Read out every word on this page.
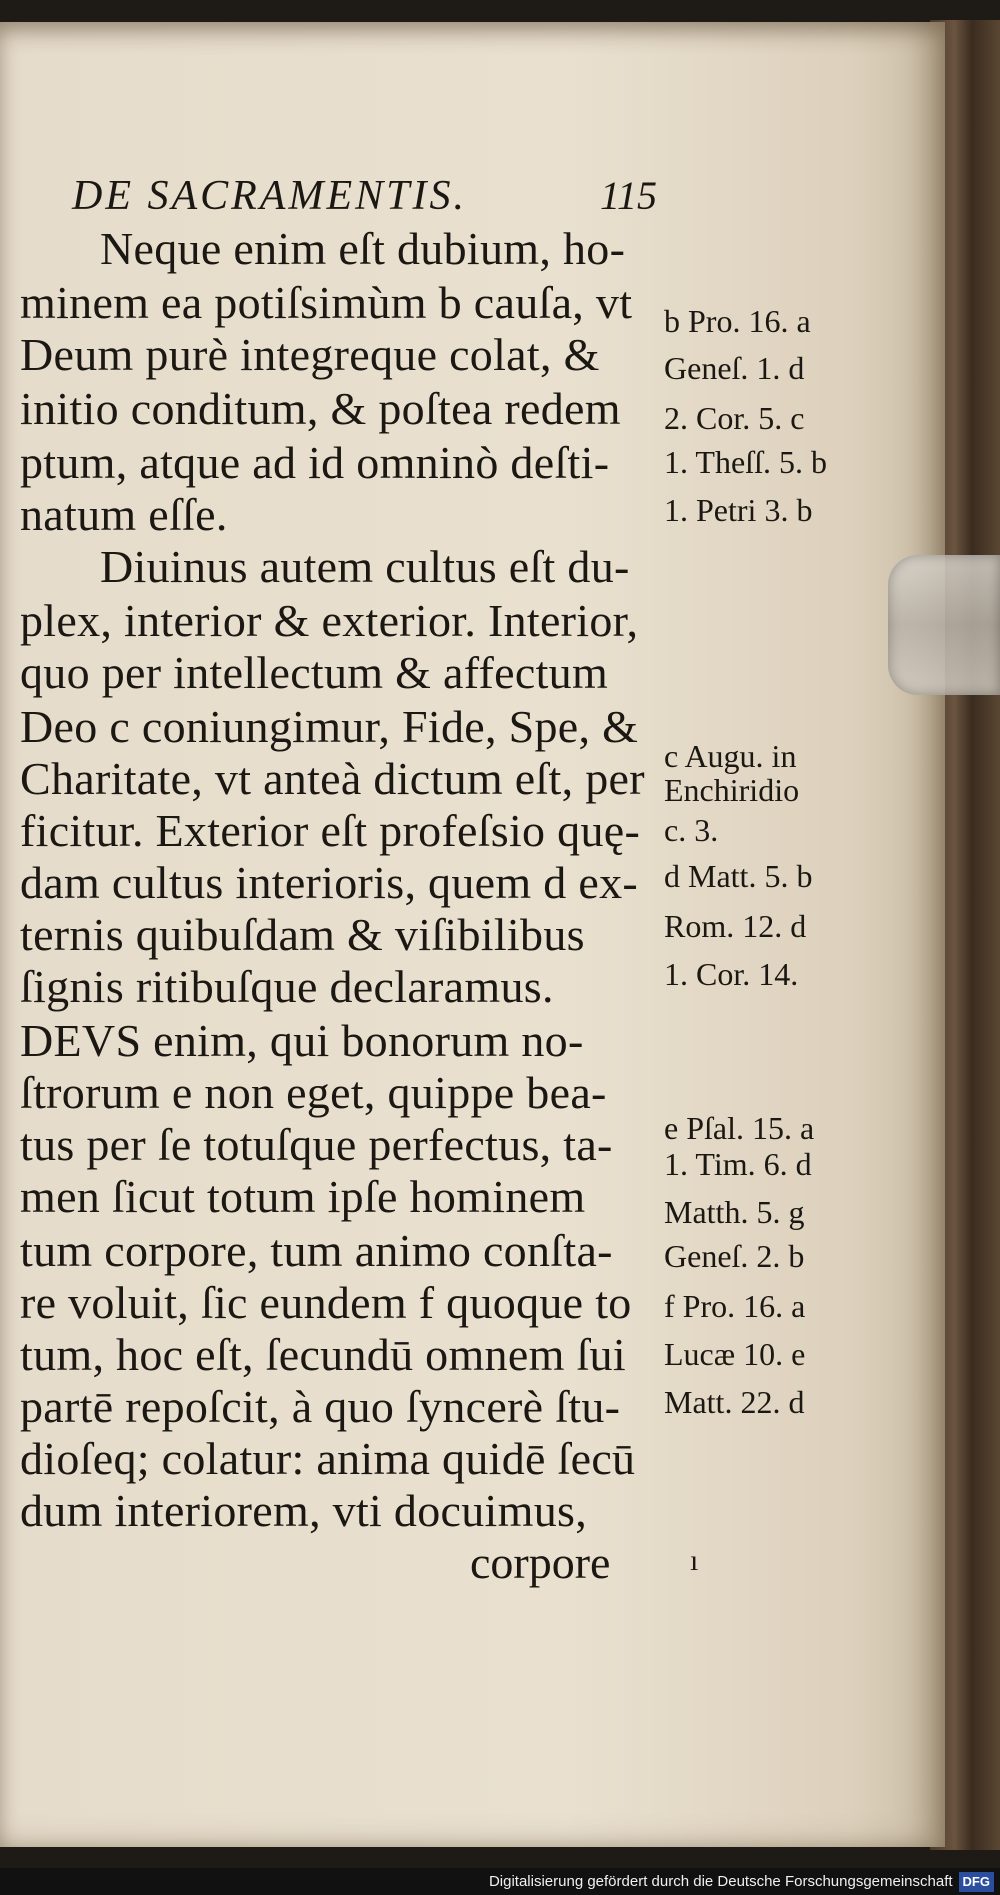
DE SACRAMENTIS.	115
Neque enim eſt dubium, ho-
minem ea potiſsimùm b cauſa, vt
Deum purè integreque colat, &
initio conditum, & poſtea redem
ptum, atque ad id omninò deſti-
natum eſſe.
Diuinus autem cultus eſt du-
plex, interior & exterior. Interior,
quo per intellectum & affectum
Deo c coniungimur, Fide, Spe, &
Charitate, vt anteà dictum eſt, per
ficitur. Exterior eſt profeſsio quę-
dam cultus interioris, quem d ex-
ternis quibuſdam & viſibilibus
ſignis ritibuſque declaramus.
DEVS enim, qui bonorum no-
ſtrorum e non eget, quippe bea-
tus per ſe totuſque perfectus, ta-
men ſicut totum ipſe hominem
tum corpore, tum animo conſta-
re voluit, ſic eundem f quoque to
tum, hoc eſt, ſecundū omnem ſui
partē repoſcit, à quo ſyncerè ſtu-
dioſeq; colatur: anima quidē ſecū
dum interiorem, vti docuimus,
b Pro. 16. a
Geneſ. 1. d
2. Cor. 5. c
1. Theſſ. 5. b
1. Petri 3. b
c Augu. in
Enchiridio
c. 3.
d Matt. 5. b
Rom. 12. d
1. Cor. 14.
e Pſal. 15. a
1. Tim. 6. d
Matth. 5. g
Geneſ. 2. b
f Pro. 16. a
Lucæ 10. e
Matt. 22. d
corpore	ı
Digitalisierung gefördert durch die Deutsche Forschungsgemeinschaft DFG
